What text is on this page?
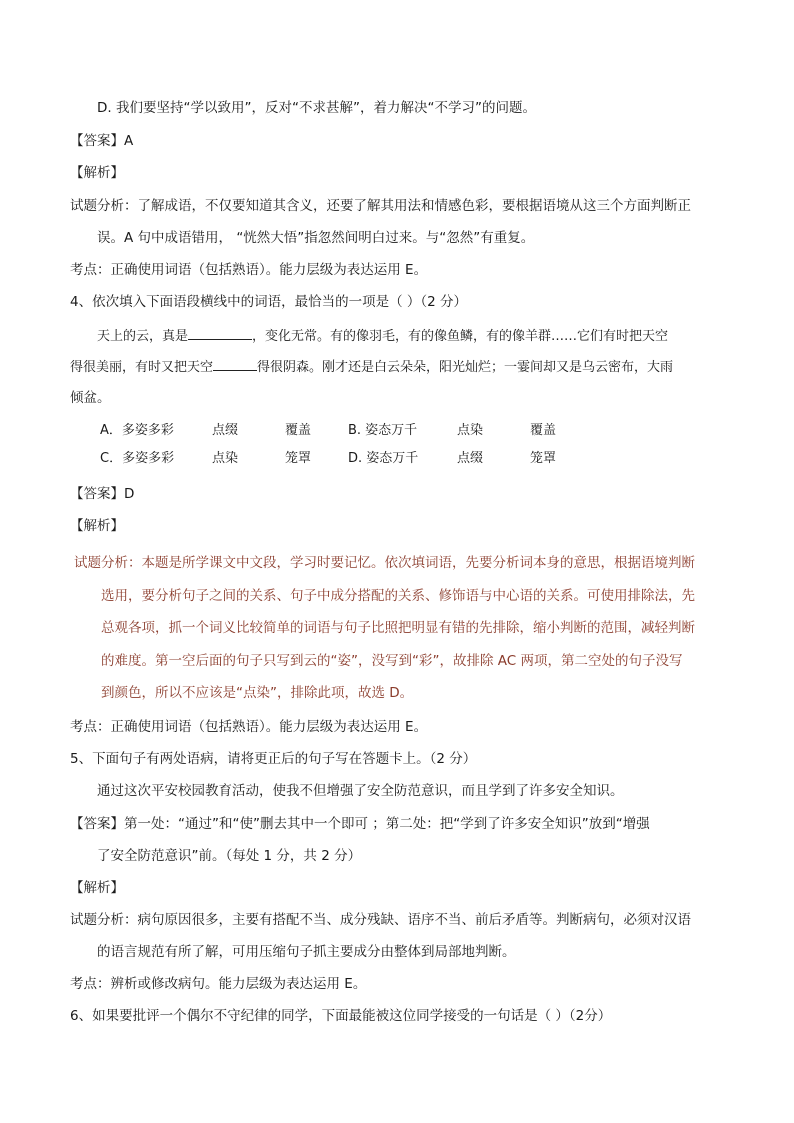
D. 我们要坚持“学以致用”，反对“不求甚解”，着力解决“不学习”的问题。
【答案】A
【解析】
试题分析：了解成语，不仅要知道其含义，还要了解其用法和情感色彩，要根据语境从这三个方面判断正
误。A 句中成语错用， “恍然大悟”指忽然间明白过来。与“忽然”有重复。
考点：正确使用词语（包括熟语）。能力层级为表达运用 E。
4、依次填入下面语段横线中的词语，最恰当的一项是（ ）（2 分）
天上的云，真是	，变化无常。有的像羽毛，有的像鱼鳞，有的像羊群……它们有时把天空
得很美丽，有时又把天空	得很阴森。刚才还是白云朵朵，阳光灿烂；一霎间却又是乌云密布，大雨
倾盆。
A．多姿多彩	点缀	覆盖	B. 姿态万千	点染	覆盖
C．多姿多彩	点染	笼罩	D. 姿态万千	点缀	笼罩
【答案】D
【解析】
试题分析：本题是所学课文中文段，学习时要记忆。依次填词语，先要分析词本身的意思，根据语境判断
选用，要分析句子之间的关系、句子中成分搭配的关系、修饰语与中心语的关系。可使用排除法，先
总观各项，抓一个词义比较简单的词语与句子比照把明显有错的先排除，缩小判断的范围，减轻判断
的难度。第一空后面的句子只写到云的“姿”，没写到“彩”，故排除 AC 两项，第二空处的句子没写
到颜色，所以不应该是“点染”，排除此项，故选 D。
考点：正确使用词语（包括熟语）。能力层级为表达运用 E。
5、下面句子有两处语病，请将更正后的句子写在答题卡上。（2 分）
通过这次平安校园教育活动，使我不但增强了安全防范意识，而且学到了许多安全知识。
【答案】第一处：“通过”和“使”删去其中一个即可 ；第二处：把“学到了许多安全知识”放到“增强
了安全防范意识”前。（每处 1 分，共 2 分）
【解析】
试题分析：病句原因很多，主要有搭配不当、成分残缺、语序不当、前后矛盾等。判断病句，必须对汉语
的语言规范有所了解，可用压缩句子抓主要成分由整体到局部地判断。
考点：辨析或修改病句。能力层级为表达运用 E。
6、如果要批评一个偶尔不守纪律的同学，下面最能被这位同学接受的一句话是（ ）（2分）
